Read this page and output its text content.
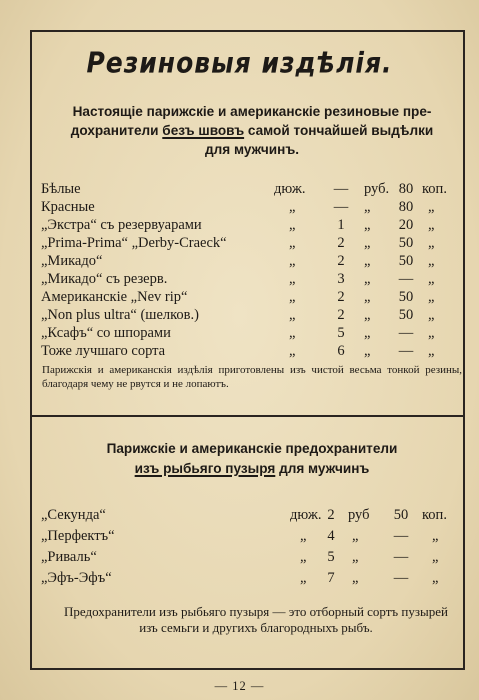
Резиновыя издѣлія.
Настоящіе парижскіе и американскіе резиновые пре-
дохранители безъ швовъ самой тончайшей выдѣлки
для мужчинъ.
Бѣлые	дюж. — руб. 80 коп.
Красные	„	— „	80	„
„Экстра“ съ резервуарами	„	1	„	20	„
„Prima-Prima“ „Derby-Craeck“	„	2	„	50	„
„Микадо“	„	2	„	50	„
„Микадо“ съ резерв.	„	3	„	—	„
Американскіе „Nev rip“	„	2	„	50	„
„Non plus ultra“ (шелков.)	„	2	„	50	„
„Ксафъ“ со шпорами	„	5	„	—	„
Тоже лучшаго сорта	„	6	„	—	„
Парижскія и американскія издѣлія приготовлены изъ чистой весьма тонкой резины, благодаря чему не рвутся и не лопаютъ.
Парижскіе и американскіе предохранители
изъ рыбьяго пузыря для мужчинъ
„Секунда“	дюж. 2 руб	50 коп.
„Перфектъ“	„	4	„	—	„
„Риваль“	„	5	„	—	„
„Эфъ-Эфъ“	„	7	„	—	„
Предохранители изъ рыбьяго пузыря — это отборный сортъ пузырей изъ семьги и другихъ благородныхъ рыбъ.
— 12 —
